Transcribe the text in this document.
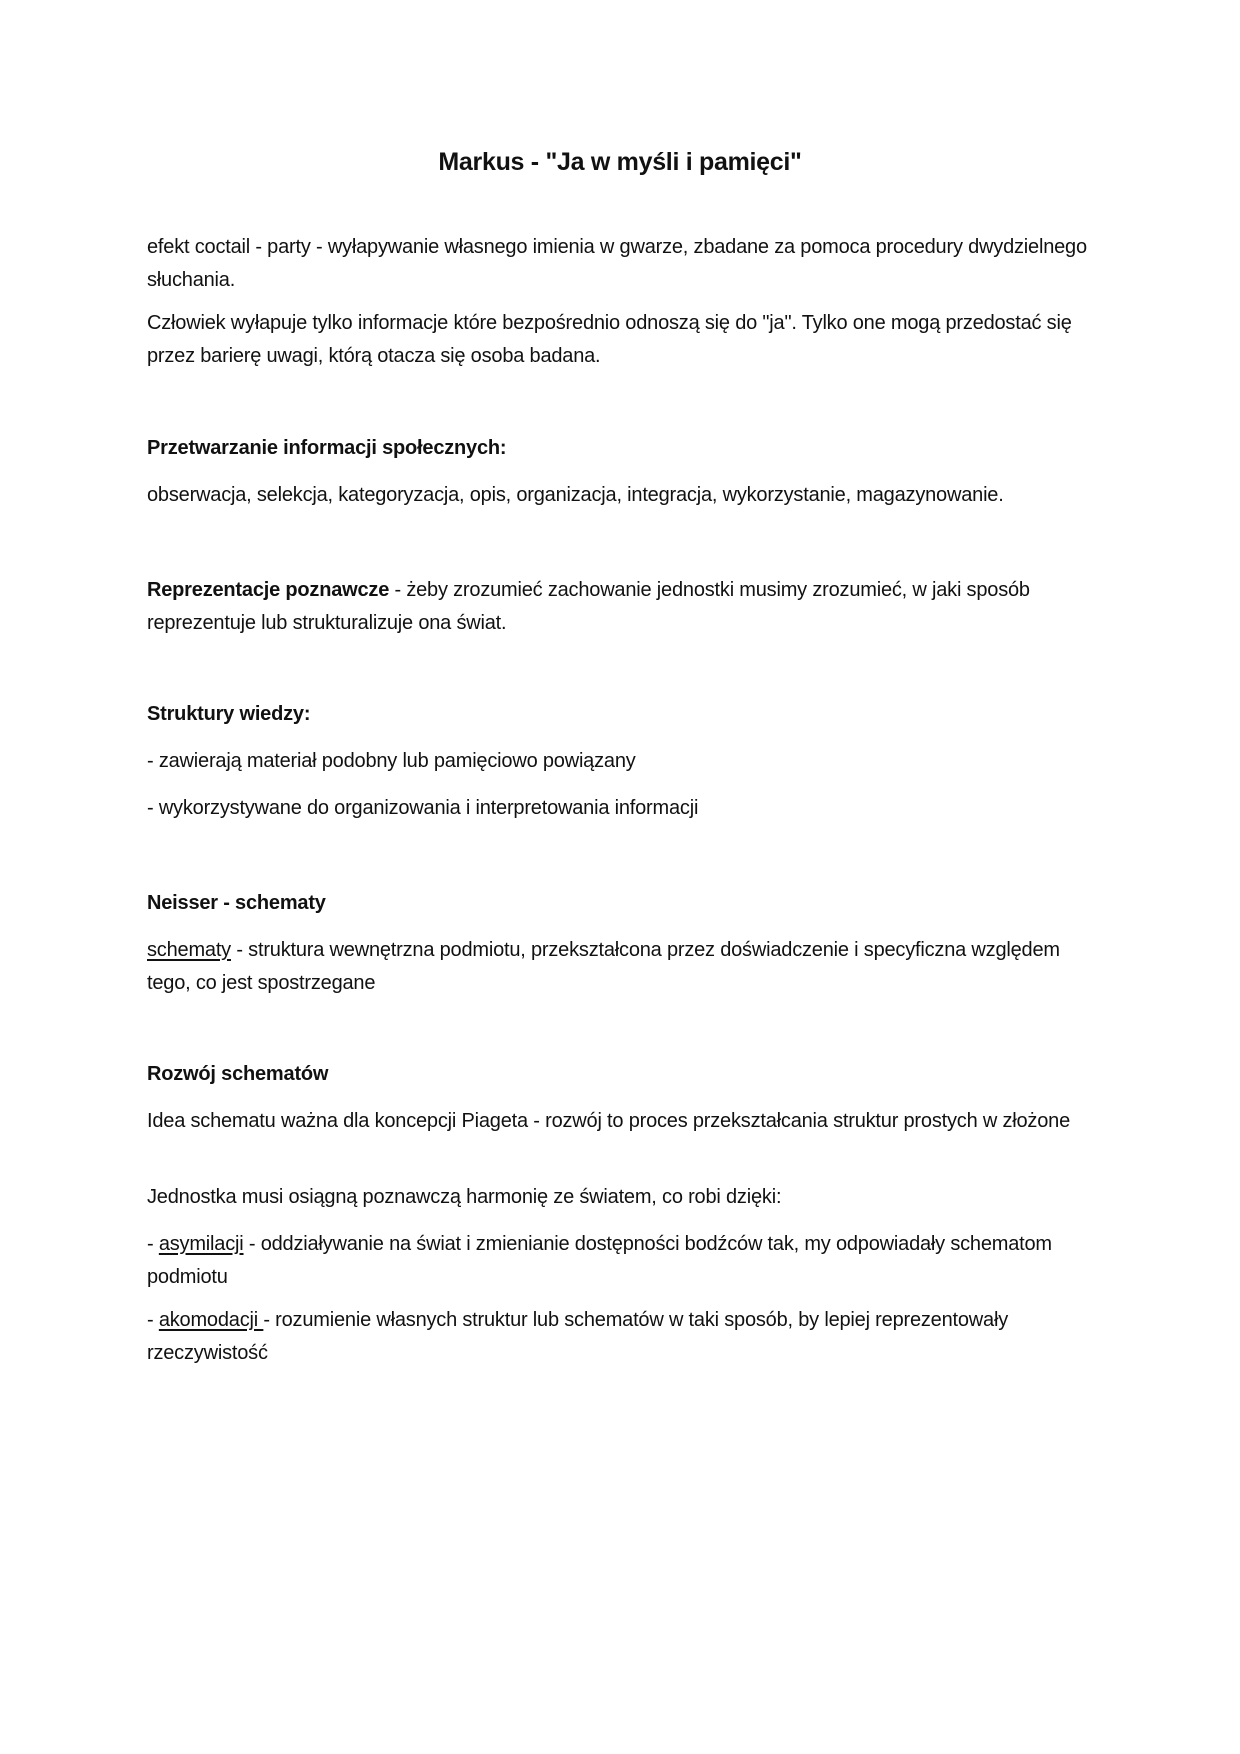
Markus - "Ja w myśli i pamięci"

efekt coctail - party - wyłapywanie własnego imienia w gwarze, zbadane za pomoca procedury dwydzielnego słuchania.

Człowiek wyłapuje tylko informacje które bezpośrednio odnoszą się do "ja". Tylko one mogą przedostać się przez barierę uwagi, którą otacza się osoba badana.

Przetwarzanie informacji społecznych:

obserwacja, selekcja, kategoryzacja, opis, organizacja, integracja, wykorzystanie, magazynowanie.

Reprezentacje poznawcze - żeby zrozumieć zachowanie jednostki musimy zrozumieć, w jaki sposób reprezentuje lub strukturalizuje ona świat.

Struktury wiedzy:

- zawierają materiał podobny lub pamięciowo powiązany

- wykorzystywane do organizowania i interpretowania informacji

Neisser - schematy

schematy - struktura wewnętrzna podmiotu, przekształcona przez doświadczenie i specyficzna względem tego, co jest spostrzegane

Rozwój schematów

Idea schematu ważna dla koncepcji Piageta - rozwój to proces przekształcania struktur prostych w złożone

Jednostka musi osiągną poznawczą harmonię ze światem, co robi dzięki:

- asymilacji - oddziaływanie na świat i zmienianie dostępności bodźców tak, my odpowiadały schematom podmiotu

- akomodacji - rozumienie własnych struktur lub schematów w taki sposób, by lepiej reprezentowały rzeczywistość
